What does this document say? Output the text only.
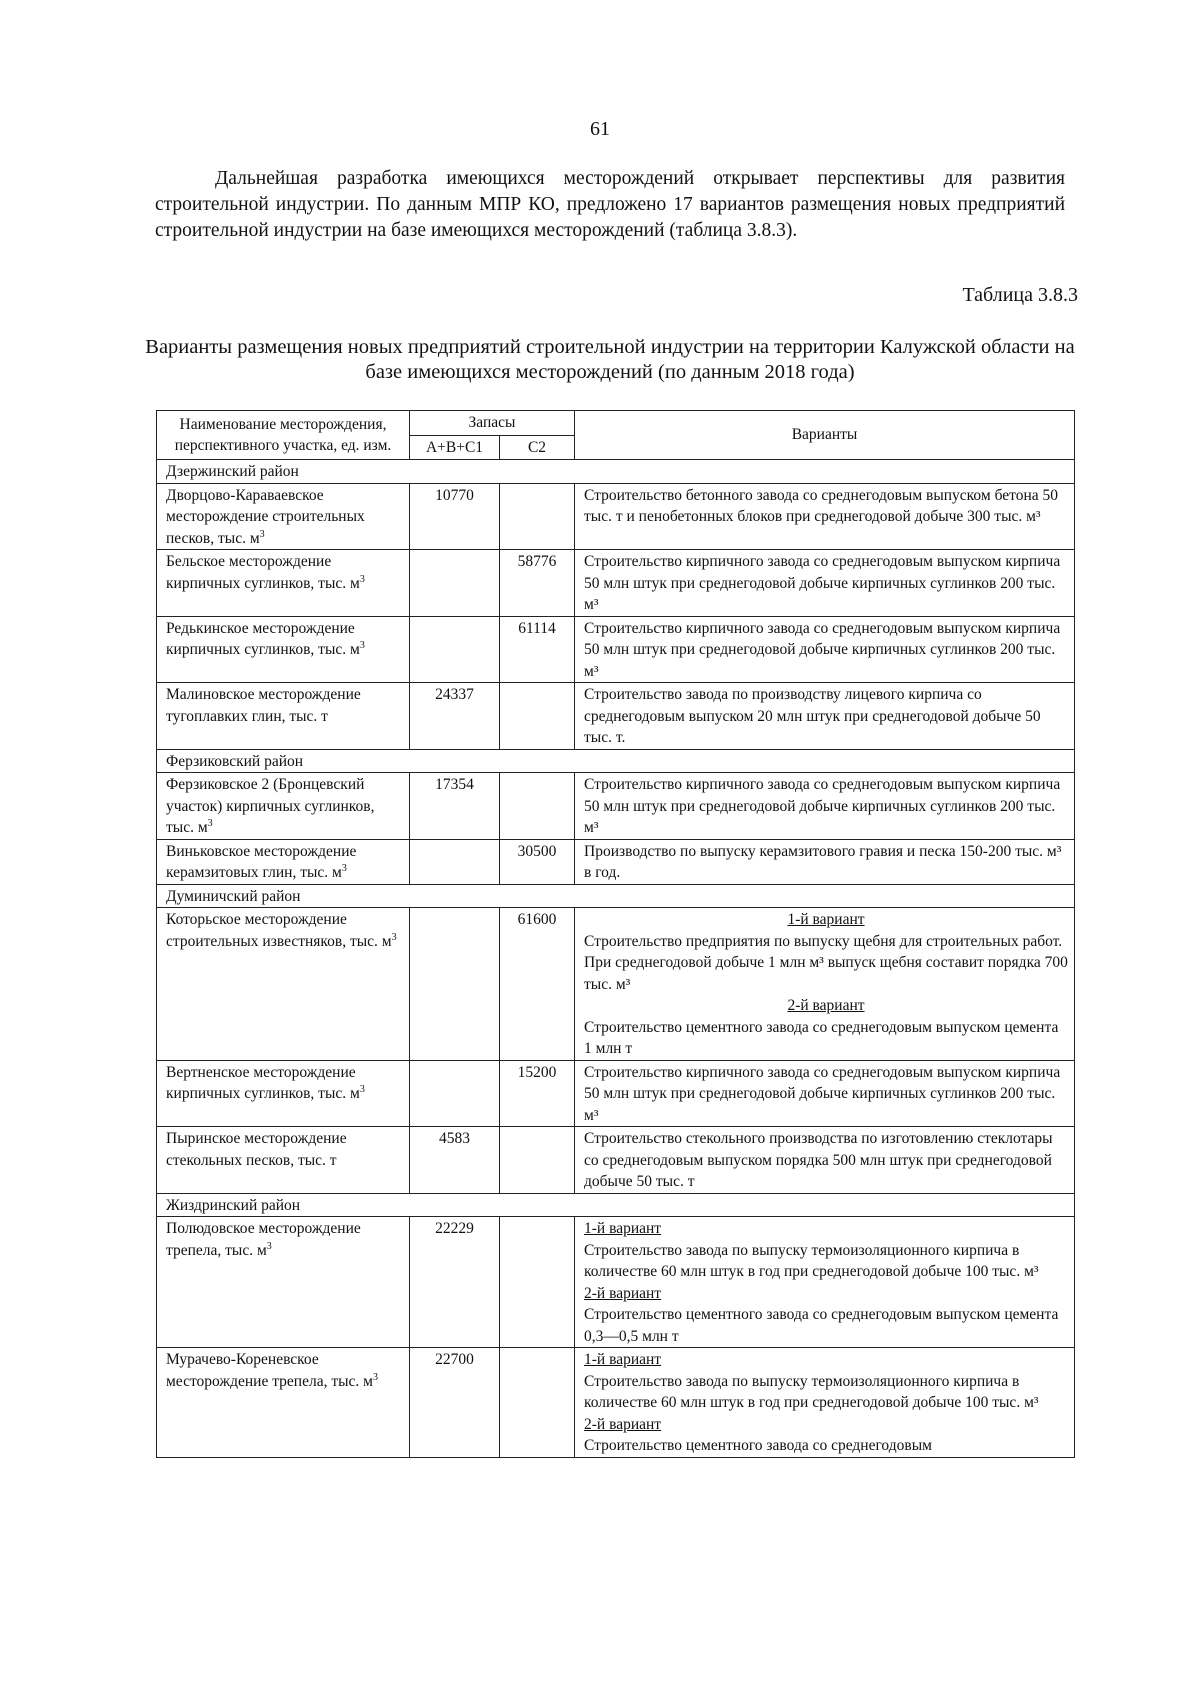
61

Дальнейшая разработка имеющихся месторождений открывает перспективы для развития строительной индустрии. По данным МПР КО, предложено 17 вариантов размещения новых предприятий строительной индустрии на базе имеющихся месторождений (таблица 3.8.3).

Таблица 3.8.3

Варианты размещения новых предприятий строительной индустрии на территории Калужской области на базе имеющихся месторождений (по данным 2018 года)

Наименование месторождения, перспективного участка, ед. изм.	Запасы		Варианты
	А+В+С1	С2	
Дзержинский район			
Дворцово-Караваевское месторождение строительных песков, тыс. $м^3$	10770		Строительство бетонного завода со среднегодовым выпуском бетона 50 тыс. т и пенобетонных блоков при среднегодовой добыче 300 тыс. м³

Бельское месторождение кирпичных суглинков, тыс. $м^3$		58776	Строительство кирпичного завода со среднегодовым выпуском кирпича 50 млн штук при среднегодовой добыче кирпичных суглинков 200 тыс. м³

Редькинское месторождение кирпичных суглинков, тыс. $м^3$		61114	Строительство кирпичного завода со среднегодовым выпуском кирпича 50 млн штук при среднегодовой добыче кирпичных суглинков 200 тыс. м³

Малиновское месторождение тугоплавких глин, тыс. т	24337		Строительство завода по производству лицевого кирпича со среднегодовым выпуском 20 млн штук при среднегодовой добыче 50 тыс. т.

Ферзиковский район			
Ферзиковское 2 (Бронцевский участок) кирпичных суглинков, тыс. $м^3$	17354		Строительство кирпичного завода со среднегодовым выпуском кирпича 50 млн штук при среднегодовой добыче кирпичных суглинков 200 тыс. м³

Виньковское месторождение керамзитовых глин, тыс. $м^3$		30500	Производство по выпуску керамзитового гравия и песка 150-200 тыс. м³ в год.

Думиничский район			
Которьское месторождение строительных известняков, тыс. $м^3$		61600	1-й вариант
Строительство предприятия по выпуску щебня для строительных работ. При среднегодовой добыче 1 млн м³ выпуск щебня составит порядка 700 тыс. м³
2-й вариант
Строительство цементного завода со среднегодовым выпуском цемента 1 млн т

Вертненское месторождение кирпичных суглинков, тыс. $м^3$		15200	Строительство кирпичного завода со среднегодовым выпуском кирпича 50 млн штук при среднегодовой добыче кирпичных суглинков 200 тыс. м³

Пыринское месторождение стекольных песков, тыс. т	4583		Строительство стекольного производства по изготовлению стеклотары со среднегодовым выпуском порядка 500 млн штук при среднегодовой добыче 50 тыс. т

Жиздринский район			
Полюдовское месторождение трепела, тыс. $м^3$	22229		1-й вариант
Строительство завода по выпуску термоизоляционного кирпича в количестве 60 млн штук в год при среднегодовой добыче 100 тыс. м³
2-й вариант
Строительство цементного завода со среднегодовым выпуском цемента 0,3—0,5 млн т

Мурачево-Кореневское месторождение трепела, тыс. $м^3$	22700		1-й вариант
Строительство завода по выпуску термоизоляционного кирпича в количестве 60 млн штук в год при среднегодовой добыче 100 тыс. м³
2-й вариант
Строительство цементного завода со среднегодовым
